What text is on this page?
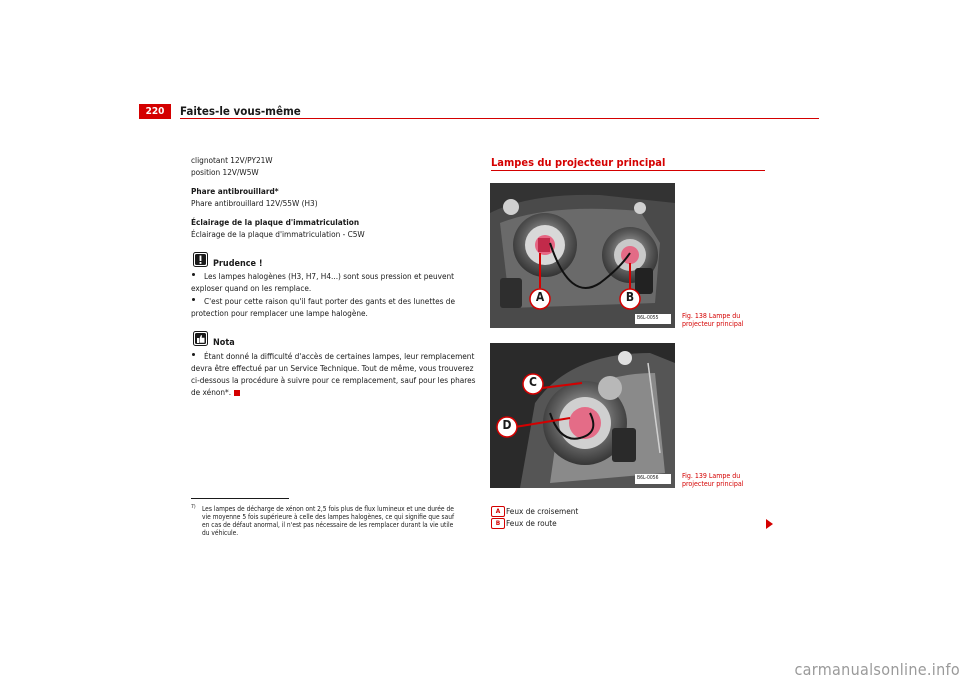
220	Faites-le vous-même
clignotant 12V/PY21W
position 12V/W5W
Phare antibrouillard*
Phare antibrouillard 12V/55W (H3)
Éclairage de la plaque d'immatriculation
Éclairage de la plaque d'immatriculation - C5W
Prudence !
Les lampes halogènes (H3, H7, H4...) sont sous pression et peuvent
exploser quand on les remplace.
C'est pour cette raison qu'il faut porter des gants et des lunettes de
protection pour remplacer une lampe halogène.
Nota
Étant donné la difficulté d'accès de certaines lampes, leur remplacement
devra être effectué par un Service Technique. Tout de même, vous trouverez
ci-dessous la procédure à suivre pour ce remplacement, sauf pour les phares
de xénon*.
7) Les lampes de décharge de xénon ont 2,5 fois plus de flux lumineux et une durée de
vie moyenne 5 fois supérieure à celle des lampes halogènes, ce qui signifie que sauf
en cas de défaut anormal, il n'est pas nécessaire de les remplacer durant la vie utile
du véhicule.
Lampes du projecteur principal
A	B
B6L-0055	Fig. 138 Lampe du
projecteur principal
C
D
B6L-0056	Fig. 139 Lampe du
projecteur principal
A Feux de croisement
B Feux de route
carmanualsonline.info
